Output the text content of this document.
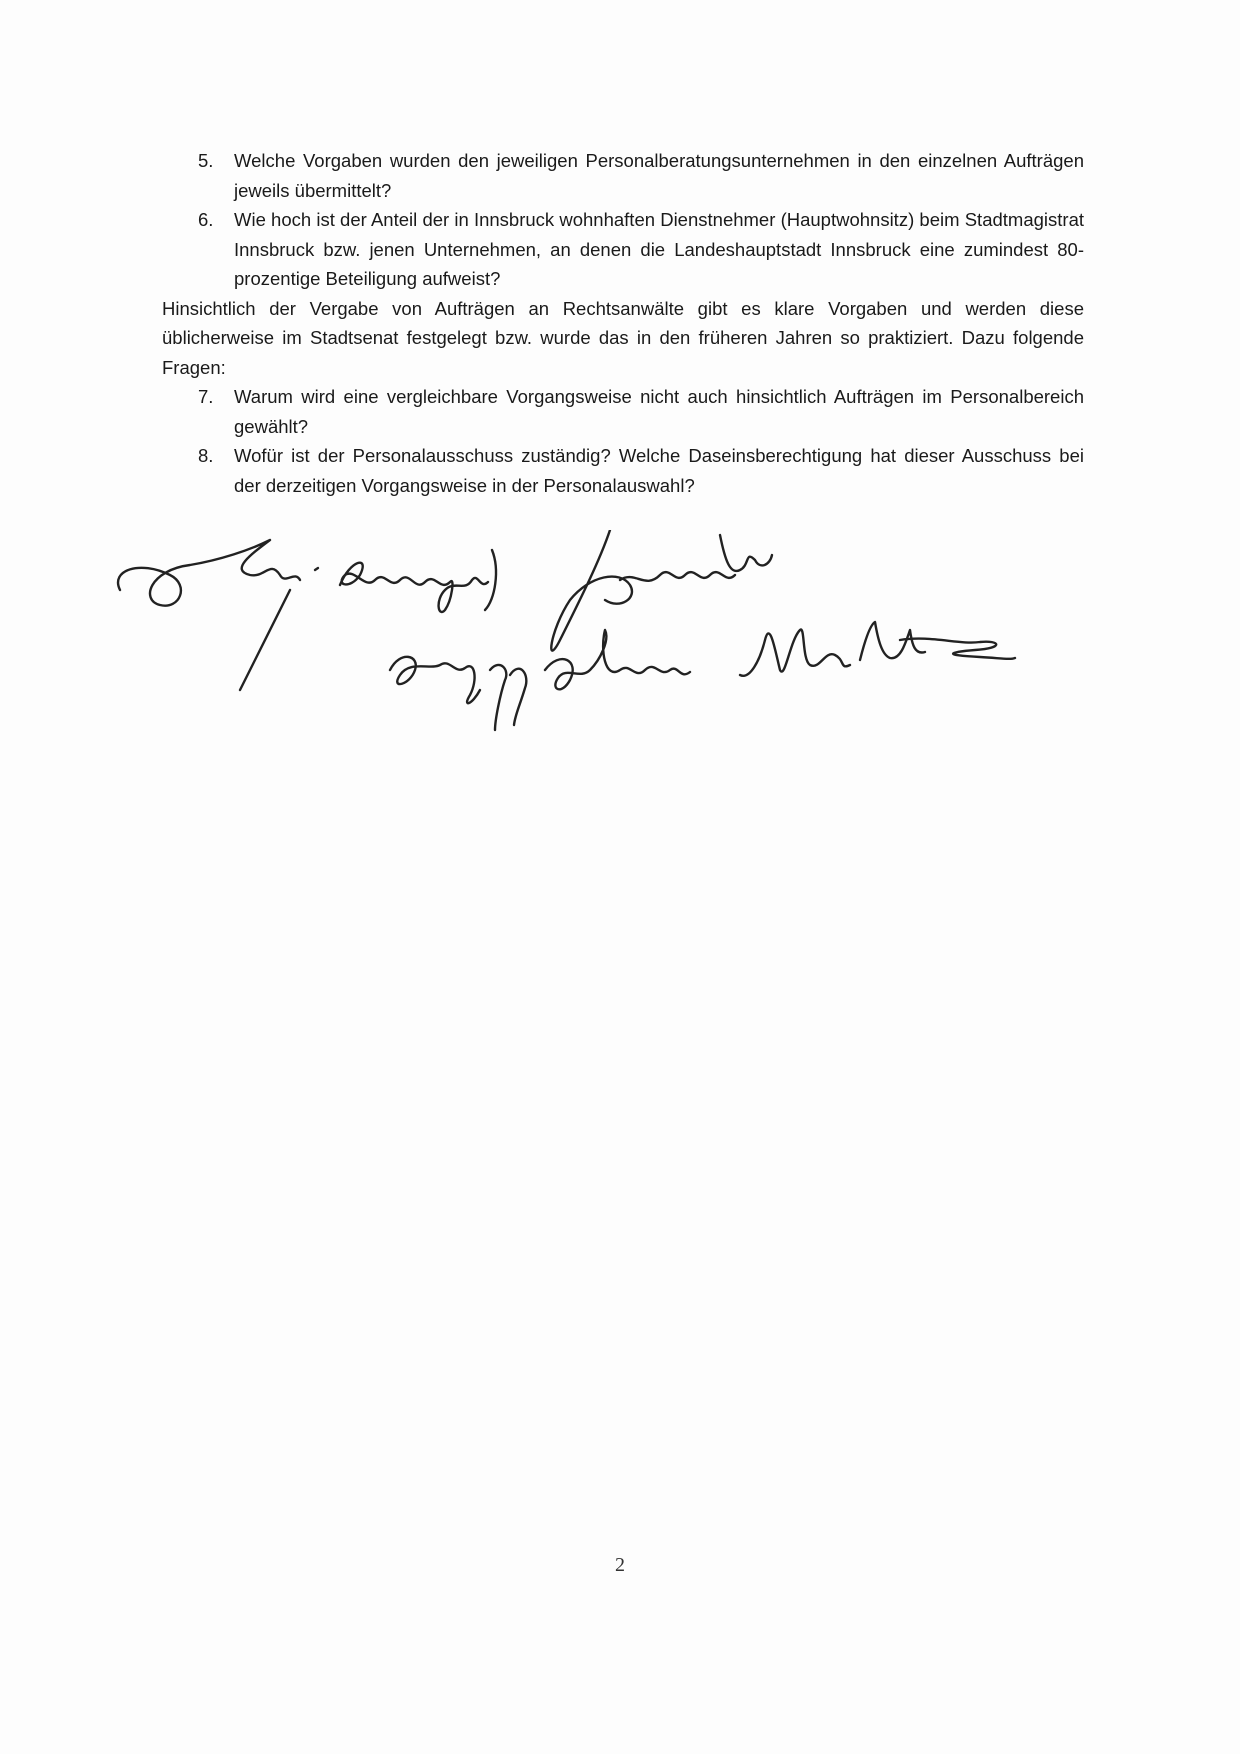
5. Welche Vorgaben wurden den jeweiligen Personalberatungsunternehmen in den einzelnen Aufträgen jeweils übermittelt?
6. Wie hoch ist der Anteil der in Innsbruck wohnhaften Dienstnehmer (Hauptwohnsitz) beim Stadtmagistrat Innsbruck bzw. jenen Unternehmen, an denen die Landeshauptstadt Innsbruck eine zumindest 80-prozentige Beteiligung aufweist?
Hinsichtlich der Vergabe von Aufträgen an Rechtsanwälte gibt es klare Vorgaben und werden diese üblicherweise im Stadtsenat festgelegt bzw. wurde das in den früheren Jahren so praktiziert. Dazu folgende Fragen:
7. Warum wird eine vergleichbare Vorgangsweise nicht auch hinsichtlich Aufträgen im Personalbereich gewählt?
8. Wofür ist der Personalausschuss zuständig? Welche Daseinsberechtigung hat dieser Ausschuss bei der derzeitigen Vorgangsweise in der Personalauswahl?
2
